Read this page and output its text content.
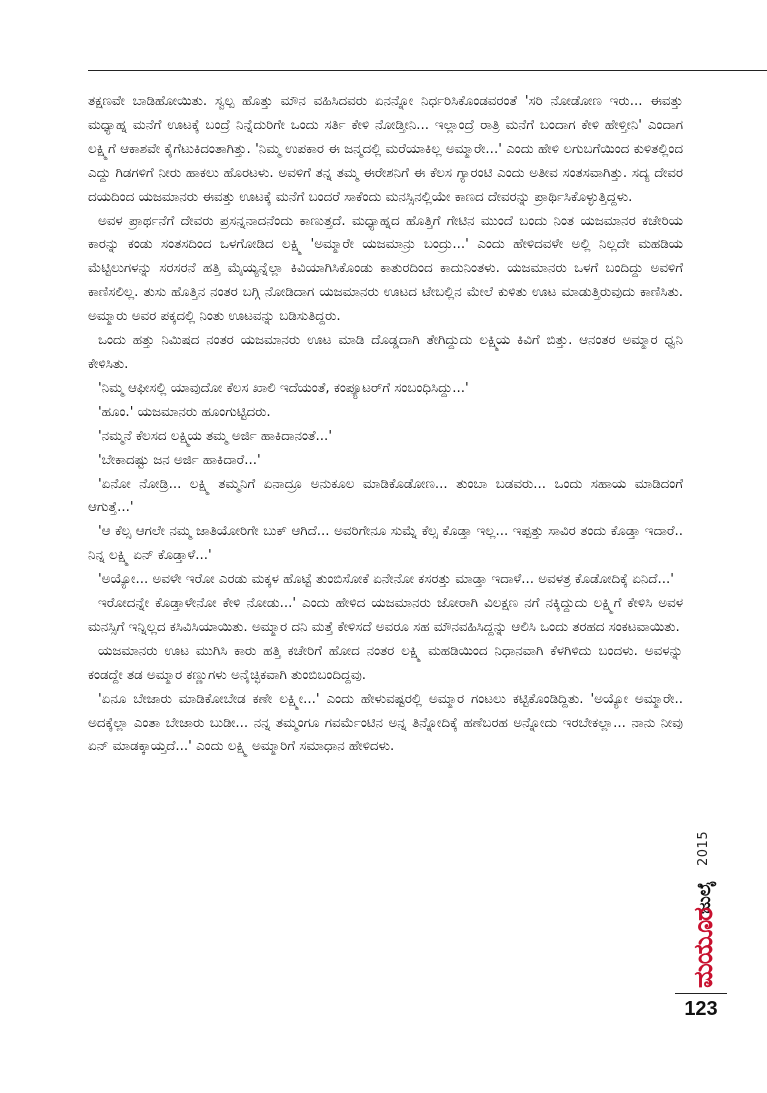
ತಕ್ಷಣವೇ ಬಾಡಿಹೋಯಿತು. ಸ್ವಲ್ಪ ಹೊತ್ತು ಮೌನ ವಹಿಸಿದವರು ಏನನ್ನೋ ನಿರ್ಧರಿಸಿಕೊಂಡವರಂತೆ 'ಸರಿ ನೋಡೋಣ ಇರು... ಈವತ್ತು ಮಧ್ಯಾಹ್ನ ಮನೆಗೆ ಊಟಕ್ಕೆ ಬಂದ್ರೆ ನಿನ್ನೆದುರಿಗೇ ಒಂದು ಸರ್ತಿ ಕೇಳಿ ನೋಡ್ತೀನಿ... ಇಲ್ಲಾಂದ್ರೆ ರಾತ್ರಿ ಮನೆಗೆ ಬಂದಾಗ ಕೇಳಿ ಹೇಳ್ತೀನಿ' ಎಂದಾಗ ಲಕ್ಷ್ಮಿಗೆ ಆಕಾಶವೇ ಕೈಗೆಟುಕಿದಂತಾಗಿತ್ತು. 'ನಿಮ್ಮ ಉಪಕಾರ ಈ ಜನ್ಮದಲ್ಲಿ ಮರೆಯಾಕಿಲ್ಲ ಅಮ್ಮಾರೇ...' ಎಂದು ಹೇಳಿ ಲಗುಬಗೆಯಿಂದ ಕುಳಿತಲ್ಲಿಂದ ಎದ್ದು ಗಿಡಗಳಿಗೆ ನೀರು ಹಾಕಲು ಹೊರಟಳು. ಅವಳಿಗೆ ತನ್ನ ತಮ್ಮ ಈರೇಶನಿಗೆ ಈ ಕೆಲಸ ಗ್ಯಾರಂಟಿ ಎಂದು ಅತೀವ ಸಂತಸವಾಗಿತ್ತು. ಸದ್ಯ ದೇವರ ದಯದಿಂದ ಯಜಮಾನರು ಈವತ್ತು ಊಟಕ್ಕೆ ಮನೆಗೆ ಬಂದರೆ ಸಾಕೆಂದು ಮನಸ್ಸಿನಲ್ಲಿಯೇ ಕಾಣದ ದೇವರನ್ನು ಪ್ರಾರ್ಥಿಸಿಕೊಳ್ಳುತ್ತಿದ್ದಳು.

ಅವಳ ಪ್ರಾರ್ಥನೆಗೆ ದೇವರು ಪ್ರಸನ್ನನಾದನೆಂದು ಕಾಣುತ್ತದೆ. ಮಧ್ಯಾಹ್ನದ ಹೊತ್ತಿಗೆ ಗೇಟಿನ ಮುಂದೆ ಬಂದು ನಿಂತ ಯಜಮಾನರ ಕಚೇರಿಯ ಕಾರನ್ನು ಕಂಡು ಸಂತಸದಿಂದ ಒಳಗೋಡಿದ ಲಕ್ಷ್ಮಿ 'ಅಮ್ಮಾರೇ ಯಜಮಾನ್ರು ಬಂದ್ರು...' ಎಂದು ಹೇಳಿದವಳೇ ಅಲ್ಲಿ ನಿಲ್ಲದೇ ಮಹಡಿಯ ಮೆಟ್ಟಿಲುಗಳನ್ನು ಸರಸರನೆ ಹತ್ತಿ ಮೈಯ್ಯನ್ನೆಲ್ಲಾ ಕಿವಿಯಾಗಿಸಿಕೊಂಡು ಕಾತುರದಿಂದ ಕಾದುನಿಂತಳು. ಯಜಮಾನರು ಒಳಗೆ ಬಂದಿದ್ದು ಅವಳಿಗೆ ಕಾಣಿಸಲಿಲ್ಲ. ತುಸು ಹೊತ್ತಿನ ನಂತರ ಬಗ್ಗಿ ನೋಡಿದಾಗ ಯಜಮಾನರು ಊಟದ ಟೇಬಲ್ಲಿನ ಮೇಲೆ ಕುಳಿತು ಊಟ ಮಾಡುತ್ತಿರುವುದು ಕಾಣಿಸಿತು. ಅಮ್ಮಾರು ಅವರ ಪಕ್ಕದಲ್ಲಿ ನಿಂತು ಊಟವನ್ನು ಬಡಿಸುತಿದ್ದರು.

ಒಂದು ಹತ್ತು ನಿಮಿಷದ ನಂತರ ಯಜಮಾನರು ಊಟ ಮಾಡಿ ದೊಡ್ಡದಾಗಿ ತೇಗಿದ್ದುದು ಲಕ್ಷ್ಮಿಯ ಕಿವಿಗೆ ಬಿತ್ತು. ಆನಂತರ ಅಮ್ಮಾರ ಧ್ವನಿ ಕೇಳಿಸಿತು.

'ನಿಮ್ಮ ಆಫೀಸಲ್ಲಿ ಯಾವುದೋ ಕೆಲಸ ಖಾಲಿ ಇದೆಯಂತೆ, ಕಂಪ್ಯೂಟರ್‌ಗೆ ಸಂಬಂಧಿಸಿದ್ದು...'

'ಹೂಂ.' ಯಜಮಾನರು ಹೂಂಗುಟ್ಟಿದರು.

'ನಮ್ಮನೆ ಕೆಲಸದ ಲಕ್ಷ್ಮಿಯ ತಮ್ಮ ಅರ್ಜಿ ಹಾಕಿದಾನಂತೆ...'

'ಬೇಕಾದಷ್ಟು ಜನ ಅರ್ಜಿ ಹಾಕಿದಾರೆ...'

'ಏನೋ ನೋಡ್ರಿ... ಲಕ್ಷ್ಮಿ ತಮ್ಮನಿಗೆ ಏನಾದ್ರೂ ಅನುಕೂಲ ಮಾಡಿಕೊಡೋಣ... ತುಂಬಾ ಬಡವರು... ಒಂದು ಸಹಾಯ ಮಾಡಿದಂಗೆ ಆಗುತ್ತೆ...'

'ಆ ಕೆಲ್ಸ ಆಗಲೇ ನಮ್ಮ ಜಾತಿಯೋರಿಗೇ ಬುಕ್ ಆಗಿದೆ... ಅವರಿಗೇನೂ ಸುಮ್ನೆ ಕೆಲ್ಸ ಕೊಡ್ತಾ ಇಲ್ಲ... ಇಪ್ಪತ್ತು ಸಾವಿರ ತಂದು ಕೊಡ್ತಾ ಇದಾರೆ.. ನಿನ್ನ ಲಕ್ಷ್ಮಿ ಏನ್ ಕೊಡ್ತಾಳೆ...'

'ಅಯ್ಯೋ... ಅವಳೇ ಇರೋ ಎರಡು ಮಕ್ಕಳ ಹೊಟ್ಟೆ ತುಂಬಿಸೋಕೆ ಏನೇನೋ ಕಸರತ್ತು ಮಾಡ್ತಾ ಇದಾಳೆ... ಅವಳತ್ರ ಕೊಡೋದಿಕ್ಕೆ ಏನಿದೆ...'

ಇರೋದನ್ನೇ ಕೊಡ್ತಾಳೇನೋ ಕೇಳಿ ನೋಡು...' ಎಂದು ಹೇಳಿದ ಯಜಮಾನರು ಜೋರಾಗಿ ವಿಲಕ್ಷಣ ನಗೆ ನಕ್ಕಿದ್ದುದು ಲಕ್ಷ್ಮಿಗೆ ಕೇಳಿಸಿ ಅವಳ ಮನಸ್ಸಿಗೆ ಇನ್ನಿಲ್ಲದ ಕಸಿವಿಸಿಯಾಯಿತು. ಅಮ್ಮಾರ ದನಿ ಮತ್ತೆ ಕೇಳಿಸದೆ ಅವರೂ ಸಹ ಮೌನವಹಿಸಿದ್ದನ್ನು ಆಲಿಸಿ ಒಂದು ತರಹದ ಸಂಕಟವಾಯಿತು.

ಯಜಮಾನರು ಊಟ ಮುಗಿಸಿ ಕಾರು ಹತ್ತಿ ಕಚೇರಿಗೆ ಹೋದ ನಂತರ ಲಕ್ಷ್ಮಿ ಮಹಡಿಯಿಂದ ನಿಧಾನವಾಗಿ ಕೆಳಗಿಳಿದು ಬಂದಳು. ಅವಳನ್ನು ಕಂಡದ್ದೇ ತಡ ಅಮ್ಮಾರ ಕಣ್ಣುಗಳು ಅನೈಚ್ಛಿಕವಾಗಿ ತುಂಬಿಬಂದಿದ್ದವು.

'ಏನೂ ಬೇಜಾರು ಮಾಡಿಕೋಬೇಡ ಕಣೇ ಲಕ್ಷ್ಮೀ...' ಎಂದು ಹೇಳುವಷ್ಟರಲ್ಲಿ ಅಮ್ಮಾರ ಗಂಟಲು ಕಟ್ಟಿಕೊಂಡಿದ್ದಿತು. 'ಅಯ್ಯೋ ಅಮ್ಮಾರೇ.. ಅದಕ್ಕೆಲ್ಲಾ ಎಂತಾ ಬೇಜಾರು ಬುಡೀ... ನನ್ನ ತಮ್ಮಂಗೂ ಗವರ್ಮೆಂಟಿನ ಅನ್ನ ತಿನ್ನೋದಿಕ್ಕೆ ಹಣೆಬರಹ ಅನ್ನೋದು ಇರಬೇಕಲ್ಲಾ... ನಾನು ನೀವು ಏನ್ ಮಾಡಕ್ಕಾಯ್ತದೆ...' ಎಂದು ಲಕ್ಷ್ಮಿ ಅಮ್ಮಾರಿಗೆ ಸಮಾಧಾನ ಹೇಳಿದಳು.

2015
ಜುಲೈ
ಮಯೂರ
123
